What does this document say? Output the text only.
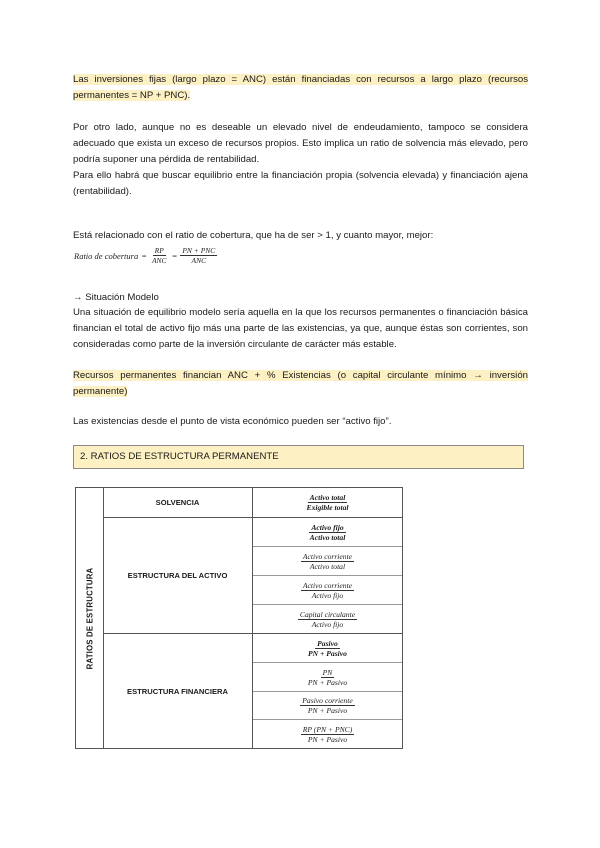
Las inversiones fijas (largo plazo = ANC) están financiadas con recursos a largo plazo (recursos permanentes = NP + PNC).

Por otro lado, aunque no es deseable un elevado nivel de endeudamiento, tampoco se considera adecuado que exista un exceso de recursos propios. Esto implica un ratio de solvencia más elevado, pero podría suponer una pérdida de rentabilidad.

Para ello habrá que buscar equilibrio entre la financiación propia (solvencia elevada) y financiación ajena (rentabilidad).

Está relacionado con el ratio de cobertura, que ha de ser > 1, y cuanto mayor, mejor:

Ratio de cobertura = $\frac{RP}{\text{ANC}} = \frac{\text{PN + PNC}}{\text{ANC}}$

→ Situación Modelo

Una situación de equilibrio modelo sería aquella en la que los recursos permanentes o financiación básica financian el total de activo fijo más una parte de las existencias, ya que, aunque éstas son corrientes, son consideradas como parte de la inversión circulante de carácter más estable.

Recursos permanentes financian ANC + % Existencias (o capital circulante mínimo → inversión permanente)

Las existencias desde el punto de vista económico pueden ser “activo fijo”.

2. RATIOS DE ESTRUCTURA PERMANENTE
RATIOS DE ESTRUCTURA
SOLVENCIA
ESTRUCTURA DEL ACTIVO
ESTRUCTURA FINANCIERA
$\frac{\text{Activo total}}{\text{Exigible total}}$
$\frac{\text{Activo fijo}}{\text{Activo total}}$
$\frac{\text{Activo corriente}}{\text{Activo total}}$
$\frac{\text{Activo corriente}}{\text{Activo fijo}}$
$\frac{\text{Capital circulante}}{\text{Activo fijo}}$
$\frac{\text{Pasivo}}{\text{PN + Pasivo}}$
$\frac{PN}{\text{PN + Pasivo}}$
$\frac{\text{Pasivo corriente}}{\text{PN + Pasivo}}$
$\frac{\text{RP (PN + PNC)}}{\text{PN + Pasivo}}$
